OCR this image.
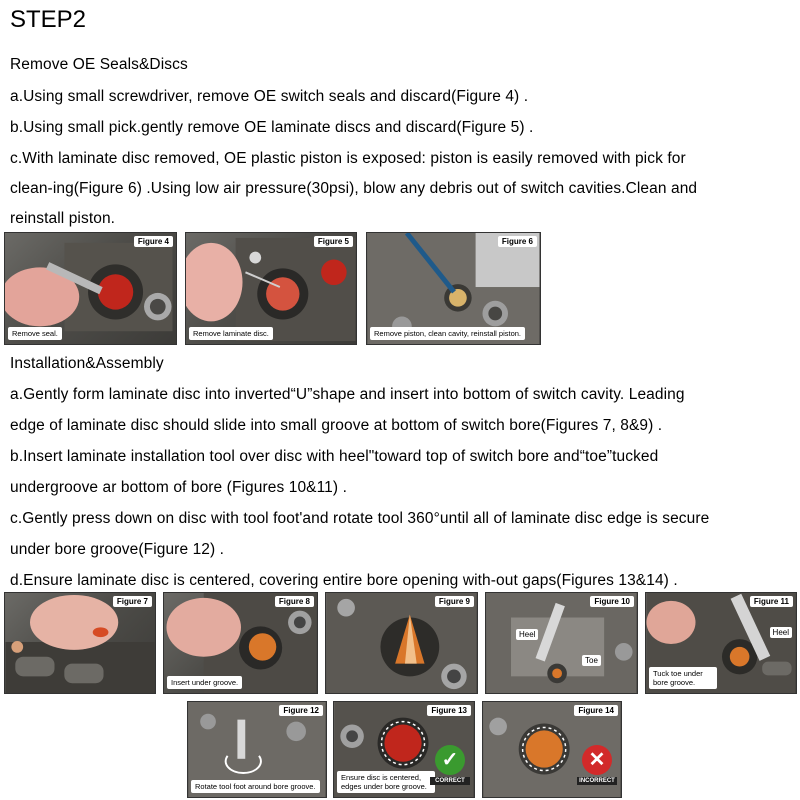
STEP2
Remove OE Seals&Discs
a.Using small screwdriver, remove OE switch seals and discard(Figure 4) .
b.Using small pick.gently remove OE laminate discs and discard(Figure 5) .
c.With laminate disc removed, OE plastic piston is exposed: piston is easily removed with pick for
clean-ing(Figure 6) .Using low air pressure(30psi), blow any debris out of switch cavities.Clean and
reinstall piston.
Figure 4
Remove seal.
Figure 5
Remove laminate disc.
Figure 6
Remove piston, clean cavity, reinstall piston.
Installation&Assembly
a.Gently form laminate disc into inverted“U”shape and insert into bottom of switch cavity. Leading
edge of laminate disc should slide into small groove at bottom of switch bore(Figures 7, 8&9) .
b.Insert laminate installation tool over disc with heel"toward top of switch bore and“toe”tucked
undergroove ar bottom of bore (Figures 10&11) .
c.Gently press down on disc with tool foot'and rotate tool 360°until all of laminate disc edge is secure
under bore groove(Figure 12) .
d.Ensure laminate disc is centered, covering entire bore opening with-out gaps(Figures 13&14) .
Figure 7	Figure 8
Insert under groove.
Figure 9	Figure 10
Heel
Toe
Figure 11
Heel
Tuck toe under bore groove.
Figure 12
Rotate tool foot around bore groove.
Figure 13
Ensure disc is centered, edges under bore groove.
✓
CORRECT
Figure 14
✕
INCORRECT
